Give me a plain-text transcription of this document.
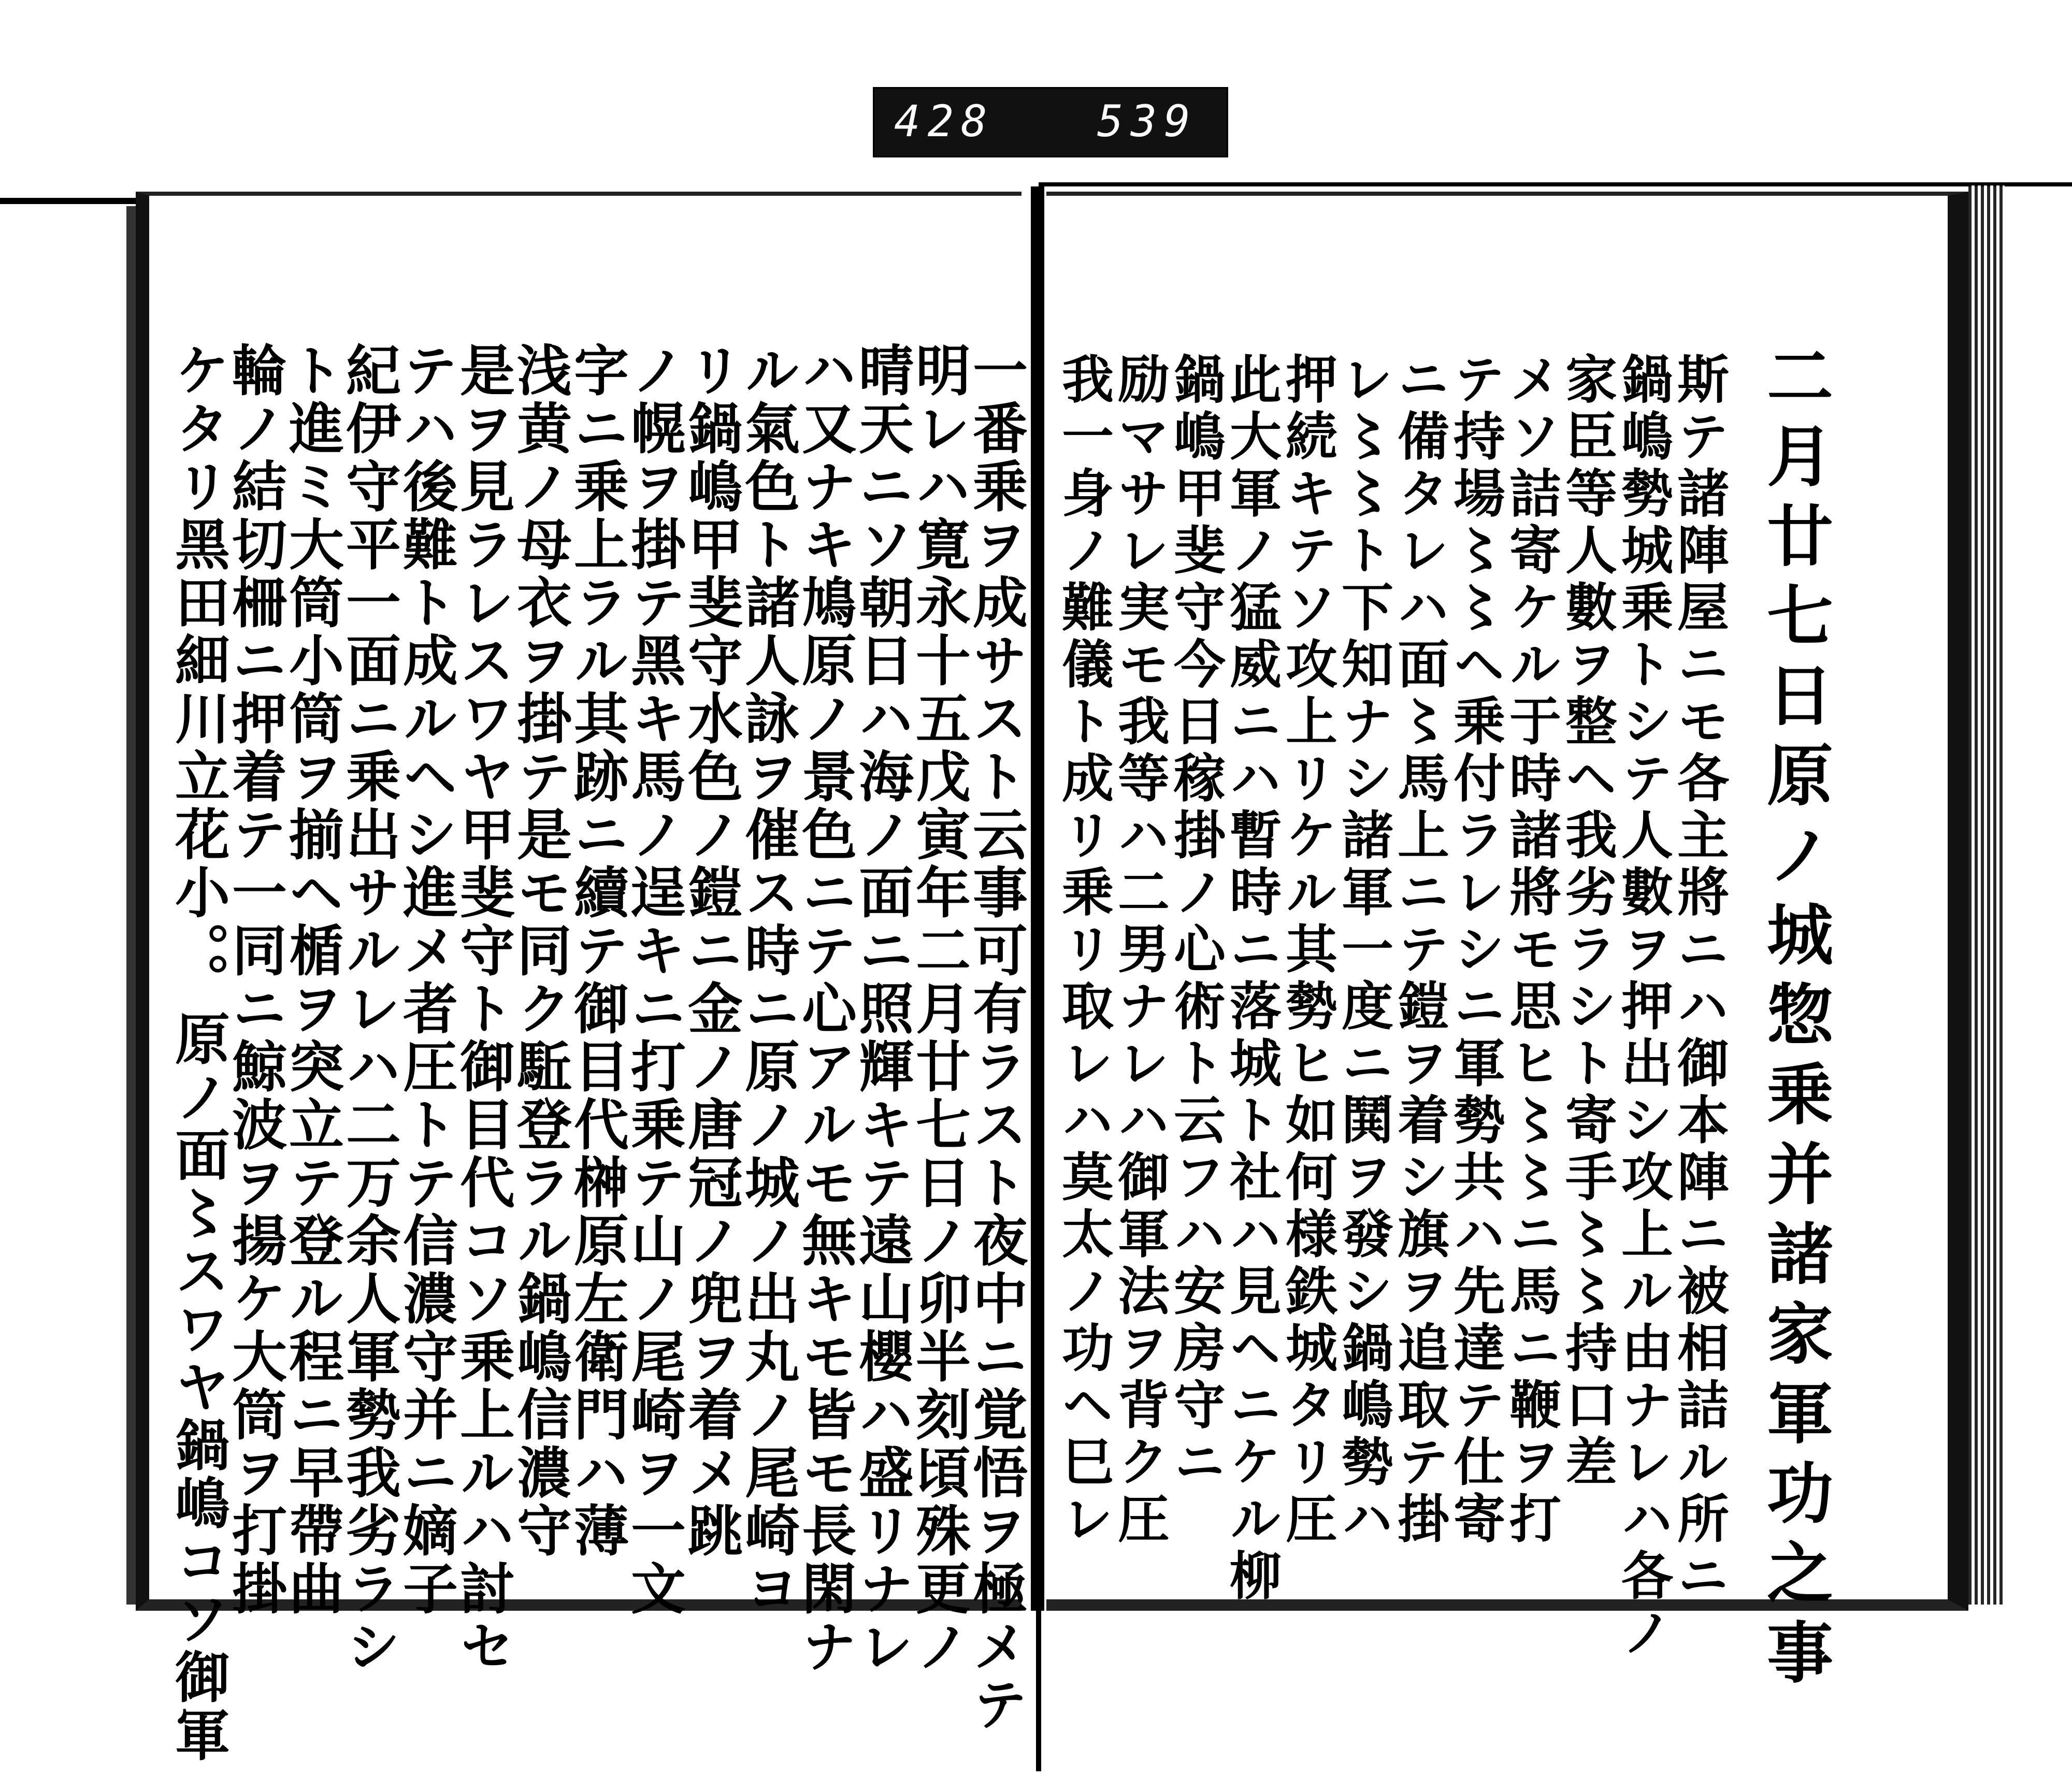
428 539
二月廿七日原ノ城惣乗并諸家軍功之事
斯テ諸陣屋ニモ各主將ニハ御本陣ニ被相詰ル所ニ
鍋嶋勢城乗トシテ人數ヲ押出シ攻上ル由ナレハ各ノ
家臣等人數ヲ整ヘ我劣ラシト寄手〻〻持口差
メソ詰寄ケル于時諸將モ思ヒ〻〻ニ馬ニ鞭ヲ打
テ持場〻〻ヘ乗付ラレシニ軍勢共ハ先達テ仕寄
ニ備タレハ面〻馬上ニテ鎧ヲ着シ旗ヲ追取テ掛
レ〻〻ト下知ナシ諸軍一度ニ鬨ヲ發シ鍋嶋勢ハ
押続キテソ攻上リケル其勢ヒ如何様鉄城タリ圧
此大軍ノ猛威ニハ暫時ニ落城ト社ハ見ヘニケル柳
鍋嶋甲斐守今日稼掛ノ心術ト云フハ安房守ニ
一番乗ヲ成サスト云事可有ラスト夜中ニ覚悟ヲ極メテ
明レハ寛永十五戊寅年二月廿七日ノ卯半刻頃殊更ノ
晴天ニソ朝日ハ海ノ面ニ照輝キテ遠山櫻ハ盛リナレ
ハ又ナキ鳩原ノ景色ニテ心アルモ無キモ皆モ長閑ナ
ル氣色ト諸人詠ヲ催ス時ニ原ノ城ノ出丸ノ尾崎ヨ
リ鍋嶋甲斐守水色ノ鎧ニ金ノ唐冠ノ兜ヲ着メ跳
ノ幌ヲ掛テ黑キ馬ノ逞キニ打乗テ山ノ尾崎ヲ一文
字ニ乗上ラル其跡ニ續テ御目代榊原左衛門ハ薄
浅黄ノ母衣ヲ掛テ是モ同ク駈登ラル鍋嶋信濃守
是ヲ見ラレスワヤ甲斐守ト御目代コソ乗上ルハ討セ
テハ後難ト成ルヘシ進メ者圧トテ信濃守并ニ嫡子
紀伊守平一面ニ乗出サルレハ二万余人軍勢我劣ラシ
ト進ミ大筒小筒ヲ揃ヘ楯ヲ突立テ登ル程ニ早帶曲
輪ノ結切柵ニ押着テ一同ニ鯨波ヲ揚ケ大筒ヲ打掛
ケタリ黑田細川立花小。。原ノ面〻スワヤ鍋嶋コソ御軍	励マサレ実モ我等ハ二男ナレハ御軍法ヲ背ク圧
我一身ノ難儀ト成リ乗リ取レハ莫太ノ功ヘ巳レ
